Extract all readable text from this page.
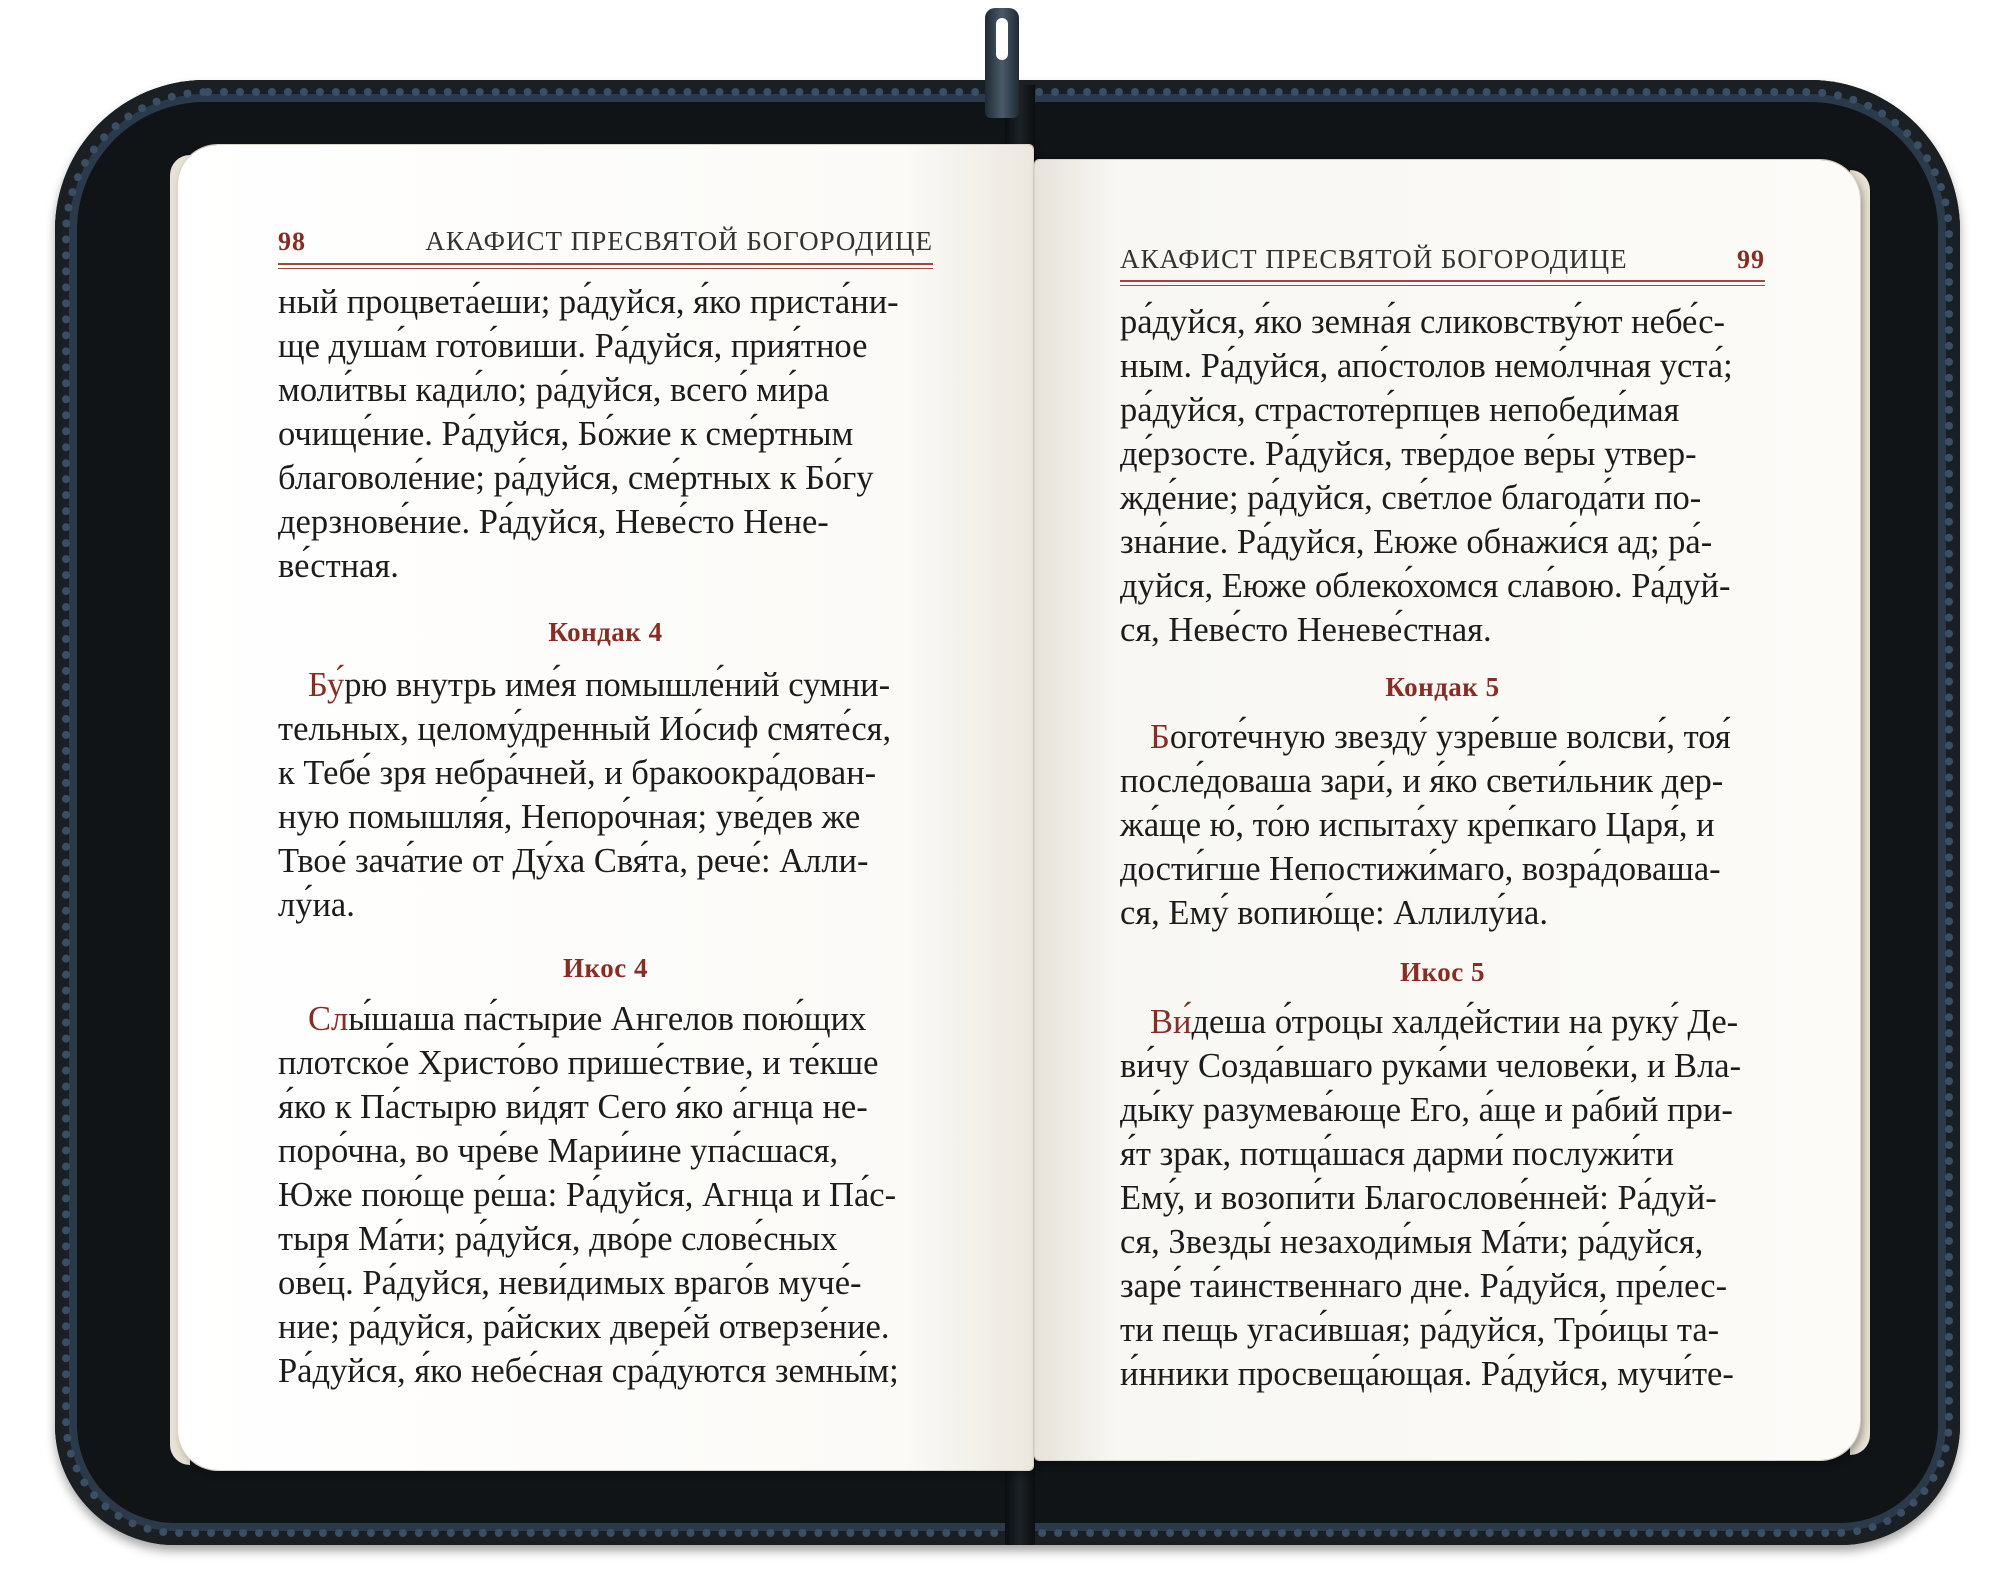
98	АКАФИСТ ПРЕСВЯТОЙ БОГОРОДИЦЕ

ный процвета́еши; ра́дуйся, я́ко приста́ни-

ще душа́м гото́виши. Ра́дуйся, прия́тное

моли́твы кади́ло; ра́дуйся, всего́ ми́ра

очище́ние. Ра́дуйся, Бо́жие к сме́ртным

благоволе́ние; ра́дуйся, сме́ртных к Бо́гу

дерзнове́ние. Ра́дуйся, Неве́сто Нене-

ве́стная.

Кондак 4

Бу́рю внутрь име́я помышле́ний сумни-

тельных, целому́дренный Ио́сиф смяте́ся,

к Тебе́ зря небра́чней, и бракоокра́дован-

ную помышля́я, Непоро́чная; уве́дев же

Твое́ зача́тие от Ду́ха Свя́та, рече́: Алли-

лу́иа.

Икос 4

Слы́шаша па́стырие Ангелов пою́щих

плотско́е Христо́во прише́ствие, и те́кше

я́ко к Па́стырю ви́дят Сего я́ко а́гнца не-

поро́чна, во чре́ве Мари́ине упа́сшася,

Юже пою́ще ре́ша: Ра́дуйся, Агнца и Па́с-

тыря Ма́ти; ра́дуйся, дво́ре слове́сных

ове́ц. Ра́дуйся, неви́димых враго́в муче́-

ние; ра́дуйся, ра́йских двере́й отверзе́ние.

Ра́дуйся, я́ко небе́сная сра́дуются земны́м;

АКАФИСТ ПРЕСВЯТОЙ БОГОРОДИЦЕ	99

ра́дуйся, я́ко земна́я сликовству́ют небе́с-

ным. Ра́дуйся, апо́столов немо́лчная уста́;

ра́дуйся, страстоте́рпцев непобеди́мая

де́рзосте. Ра́дуйся, тве́рдое ве́ры утвер-

жде́ние; ра́дуйся, све́тлое благода́ти по-

зна́ние. Ра́дуйся, Еюже обнажи́ся ад; ра́-

дуйся, Еюже облеко́хомся сла́вою. Ра́дуй-

ся, Неве́сто Неневе́стная.

Кондак 5

Боготе́чную звезду́ узре́вше волсви́, тоя́

после́доваша зари́, и я́ко свети́льник дер-

жа́ще ю́, то́ю испыта́ху кре́пкаго Царя́, и

дости́гше Непостижи́маго, возра́доваша-

ся, Ему́ вопию́ще: Аллилу́иа.

Икос 5

Ви́деша о́троцы халде́йстии на руку́ Де-

ви́чу Созда́вшаго рука́ми челове́ки, и Вла-

ды́ку разумева́юще Его, а́ще и ра́бий при-

я́т зрак, потща́шася дарми́ послужи́ти

Ему́, и возопи́ти Благослове́нней: Ра́дуй-

ся, Звезды́ незаходи́мыя Ма́ти; ра́дуйся,

заре́ та́инственнаго дне. Ра́дуйся, пре́лес-

ти пещь угаси́вшая; ра́дуйся, Тро́ицы та-

и́нники просвеща́ющая. Ра́дуйся, мучи́те-
